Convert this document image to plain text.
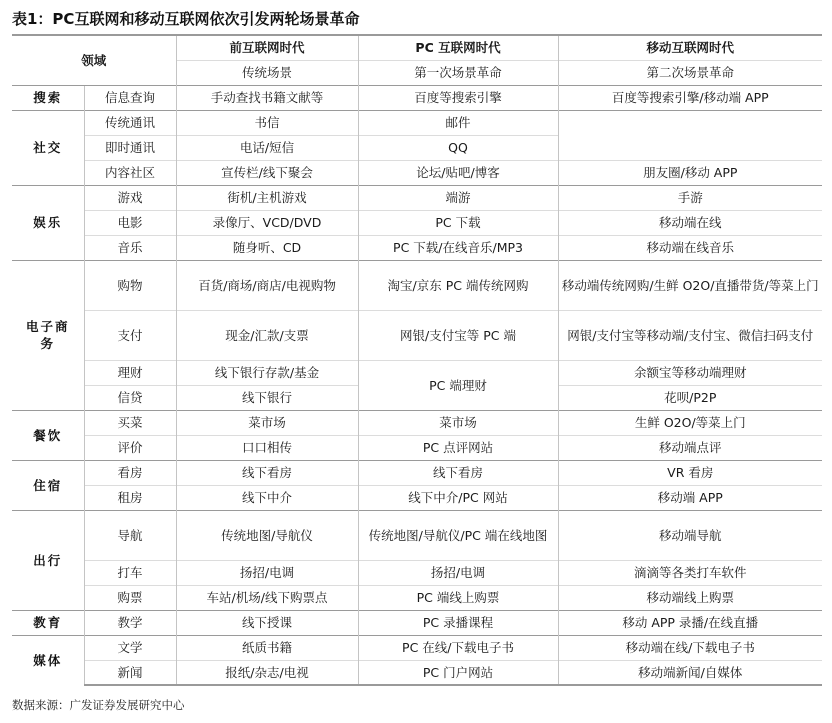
表1：PC互联网和移动互联网依次引发两轮场景革命
领域		前互联网时代	PC 互联网时代	移动互联网时代
		传统场景	第一次场景革命	第二次场景革命
搜索	信息查询	手动查找书籍文献等	百度等搜索引擎	百度等搜索引擎/移动端 APP
社交	传统通讯	书信	邮件	
	即时通讯	电话/短信	QQ	
	内容社区	宣传栏/线下聚会	论坛/贴吧/博客	朋友圈/移动 APP
娱乐	游戏	街机/主机游戏	端游	手游
	电影	录像厅、VCD/DVD	PC 下载	移动端在线
	音乐	随身听、CD	PC 下载/在线音乐/MP3	移动端在线音乐
电子商务	购物	百货/商场/商店/电视购物	淘宝/京东 PC 端传统网购	移动端传统网购/生鲜 O2O/直播带货/等菜上门
	支付	现金/汇款/支票	网银/支付宝等 PC 端	网银/支付宝等移动端/支付宝、微信扫码支付
	理财	线下银行存款/基金	PC 端理财	余额宝等移动端理财
	信贷	线下银行		花呗/P2P
餐饮	买菜	菜市场	菜市场	生鲜 O2O/等菜上门
	评价	口口相传	PC 点评网站	移动端点评
住宿	看房	线下看房	线下看房	VR 看房
	租房	线下中介	线下中介/PC 网站	移动端 APP
出行	导航	传统地图/导航仪	传统地图/导航仪/PC 端在线地图	移动端导航
	打车	扬招/电调	扬招/电调	滴滴等各类打车软件
	购票	车站/机场/线下购票点	PC 端线上购票	移动端线上购票
教育	教学	线下授课	PC 录播课程	移动 APP 录播/在线直播
媒体	文学	纸质书籍	PC 在线/下载电子书	移动端在线/下载电子书
	新闻	报纸/杂志/电视	PC 门户网站	移动端新闻/自媒体
数据来源：广发证券发展研究中心
